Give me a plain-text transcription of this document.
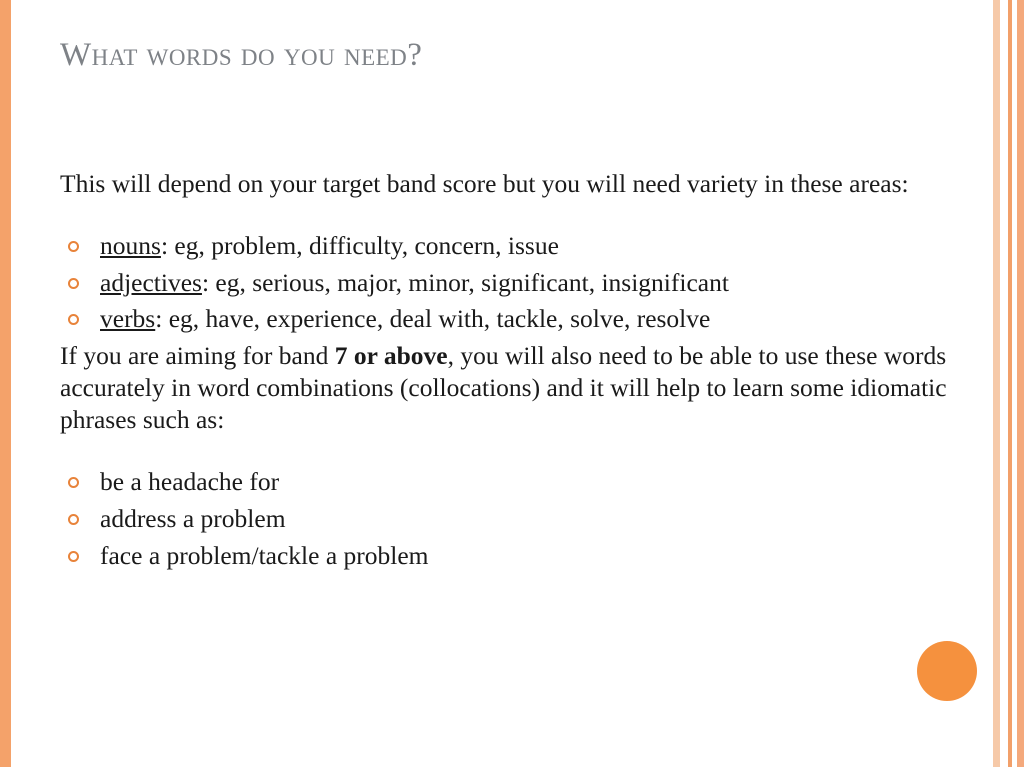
What words do you need?

This will depend on your target band score but you will need variety in these areas:

nouns: eg, problem, difficulty, concern, issue
adjectives: eg, serious, major, minor, significant, insignificant
verbs: eg, have, experience, deal with, tackle, solve, resolve

If you are aiming for band 7 or above, you will also need to be able to use these words accurately in word combinations (collocations) and it will help to learn some idiomatic phrases such as:

be a headache for
address a problem
face a problem/tackle a problem
